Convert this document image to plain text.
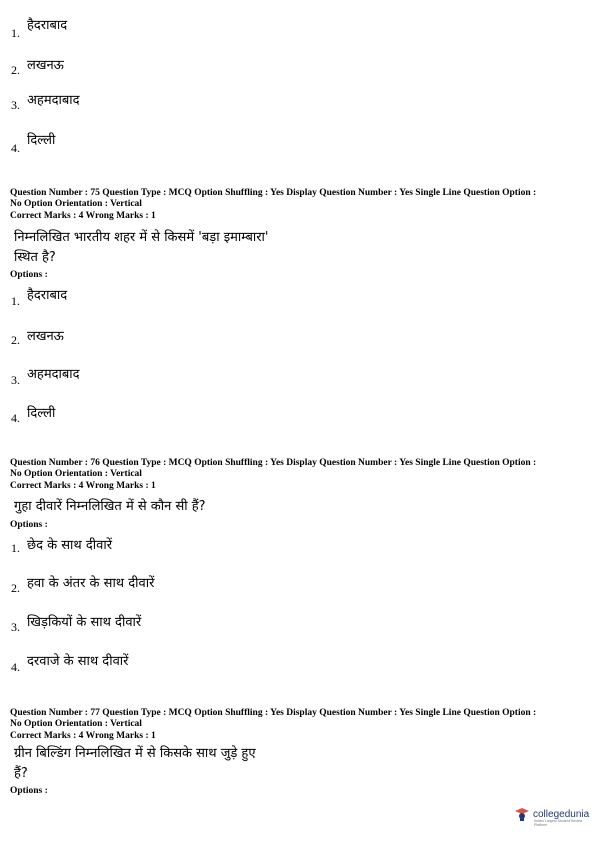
1. हैदराबाद
2. लखनऊ
3. अहमदाबाद
4. दिल्ली
Question Number : 75 Question Type : MCQ Option Shuffling : Yes Display Question Number : Yes Single Line Question Option :
No Option Orientation : Vertical
Correct Marks : 4 Wrong Marks : 1
निम्नलिखित भारतीय शहर में से किसमें 'बड़ा इमाम्बारा'
स्थित है?
Options :
1. हैदराबाद
2. लखनऊ
3. अहमदाबाद
4. दिल्ली
Question Number : 76 Question Type : MCQ Option Shuffling : Yes Display Question Number : Yes Single Line Question Option :
No Option Orientation : Vertical
Correct Marks : 4 Wrong Marks : 1
गुहा दीवारें निम्नलिखित में से कौन सी हैं?
Options :
1. छेद के साथ दीवारें
2. हवा के अंतर के साथ दीवारें
3. खिड़कियों के साथ दीवारें
4. दरवाजे के साथ दीवारें
Question Number : 77 Question Type : MCQ Option Shuffling : Yes Display Question Number : Yes Single Line Question Option :
No Option Orientation : Vertical
Correct Marks : 4 Wrong Marks : 1
ग्रीन बिल्डिंग निम्नलिखित में से किसके साथ जुड़े हुए
हैं?
Options :
collegedunia
India's Largest Student Review Platform
